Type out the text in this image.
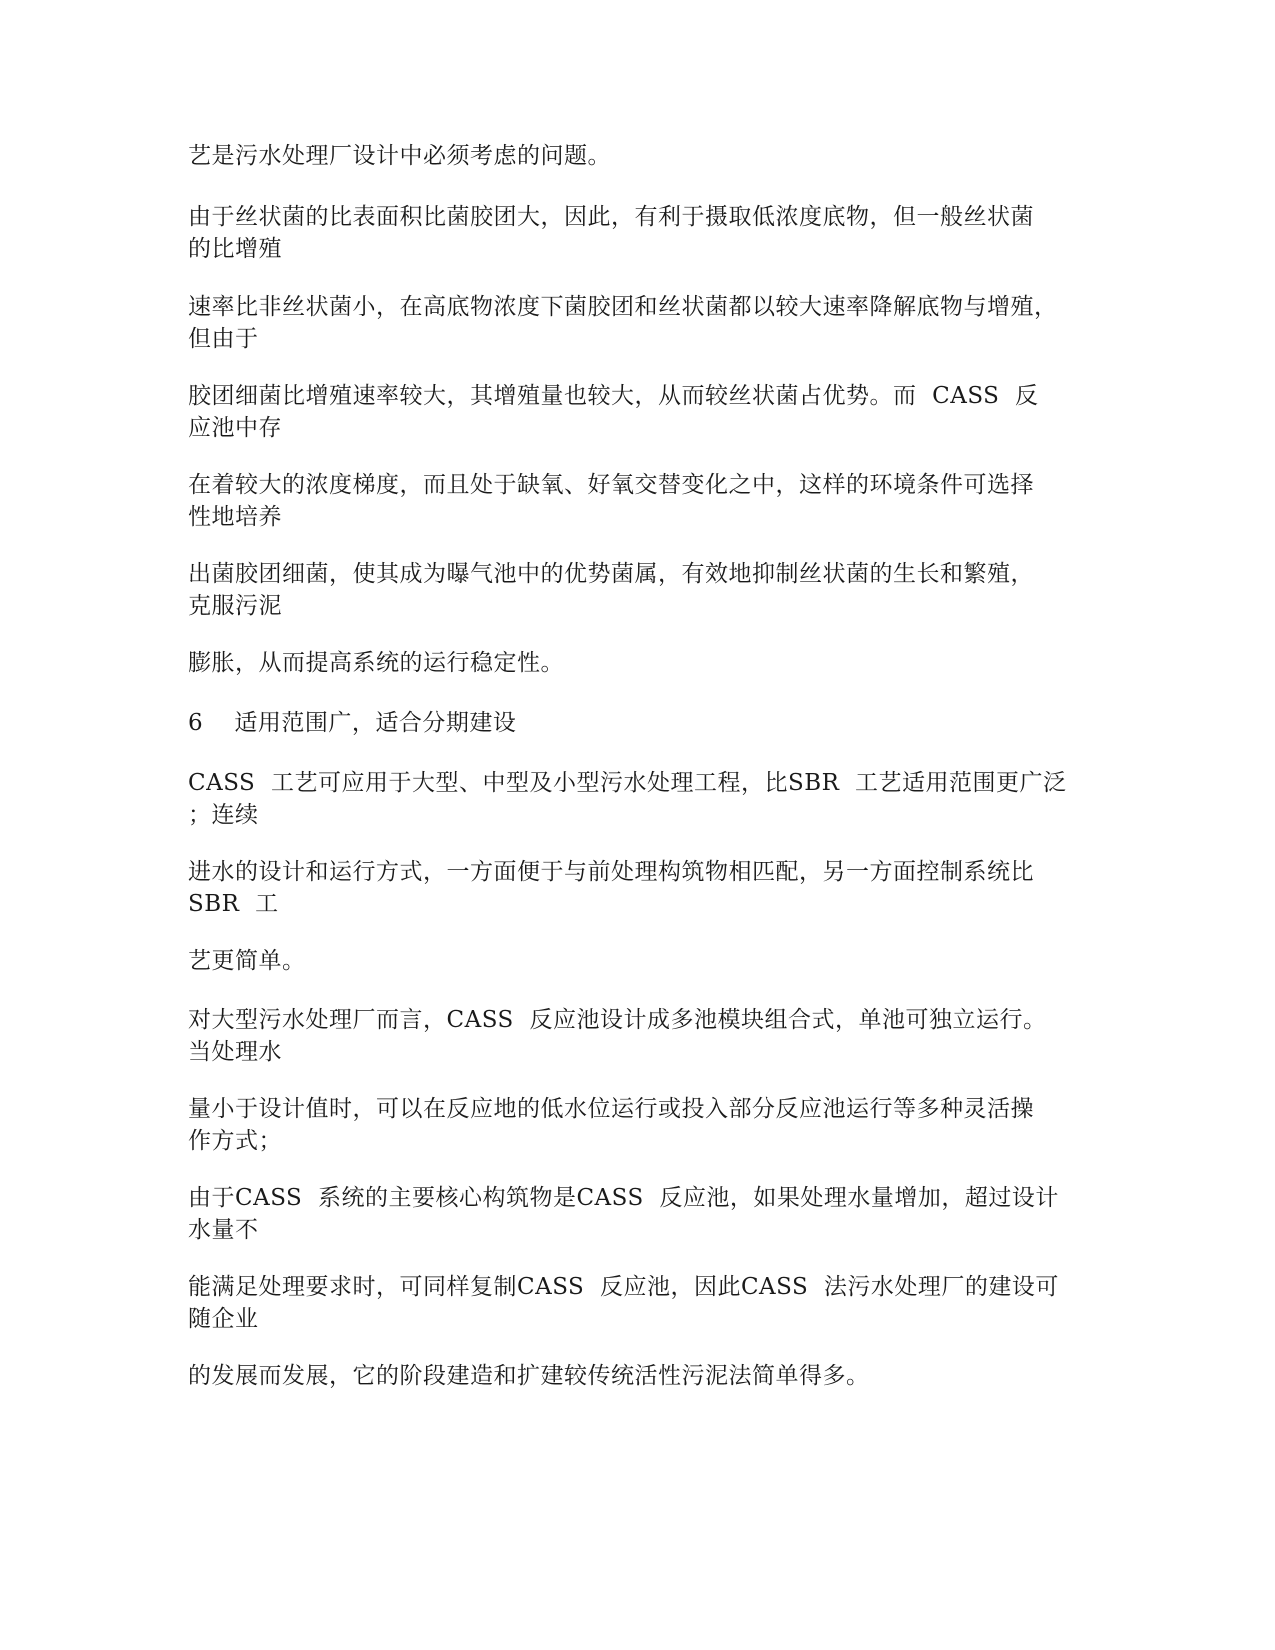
艺是污水处理厂设计中必须考虑的问题。

由于丝状菌的比表面积比菌胶团大，因此，有利于摄取低浓度底物，但一般丝状菌
的比增殖

速率比非丝状菌小，在高底物浓度下菌胶团和丝状菌都以较大速率降解底物与增殖，
但由于

胶团细菌比增殖速率较大，其增殖量也较大，从而较丝状菌占优势。而  CASS  反
应池中存

在着较大的浓度梯度，而且处于缺氧、好氧交替变化之中，这样的环境条件可选择
性地培养

出菌胶团细菌，使其成为曝气池中的优势菌属，有效地抑制丝状菌的生长和繁殖，
克服污泥

膨胀，从而提高系统的运行稳定性。

6    适用范围广，适合分期建设

CASS  工艺可应用于大型、中型及小型污水处理工程，比SBR  工艺适用范围更广泛
；连续

进水的设计和运行方式，一方面便于与前处理构筑物相匹配，另一方面控制系统比
SBR  工

艺更简单。

对大型污水处理厂而言，CASS  反应池设计成多池模块组合式，单池可独立运行。
当处理水

量小于设计值时，可以在反应地的低水位运行或投入部分反应池运行等多种灵活操
作方式；

由于CASS  系统的主要核心构筑物是CASS  反应池，如果处理水量增加，超过设计
水量不

能满足处理要求时，可同样复制CASS  反应池，因此CASS  法污水处理厂的建设可
随企业

的发展而发展，它的阶段建造和扩建较传统活性污泥法简单得多。
